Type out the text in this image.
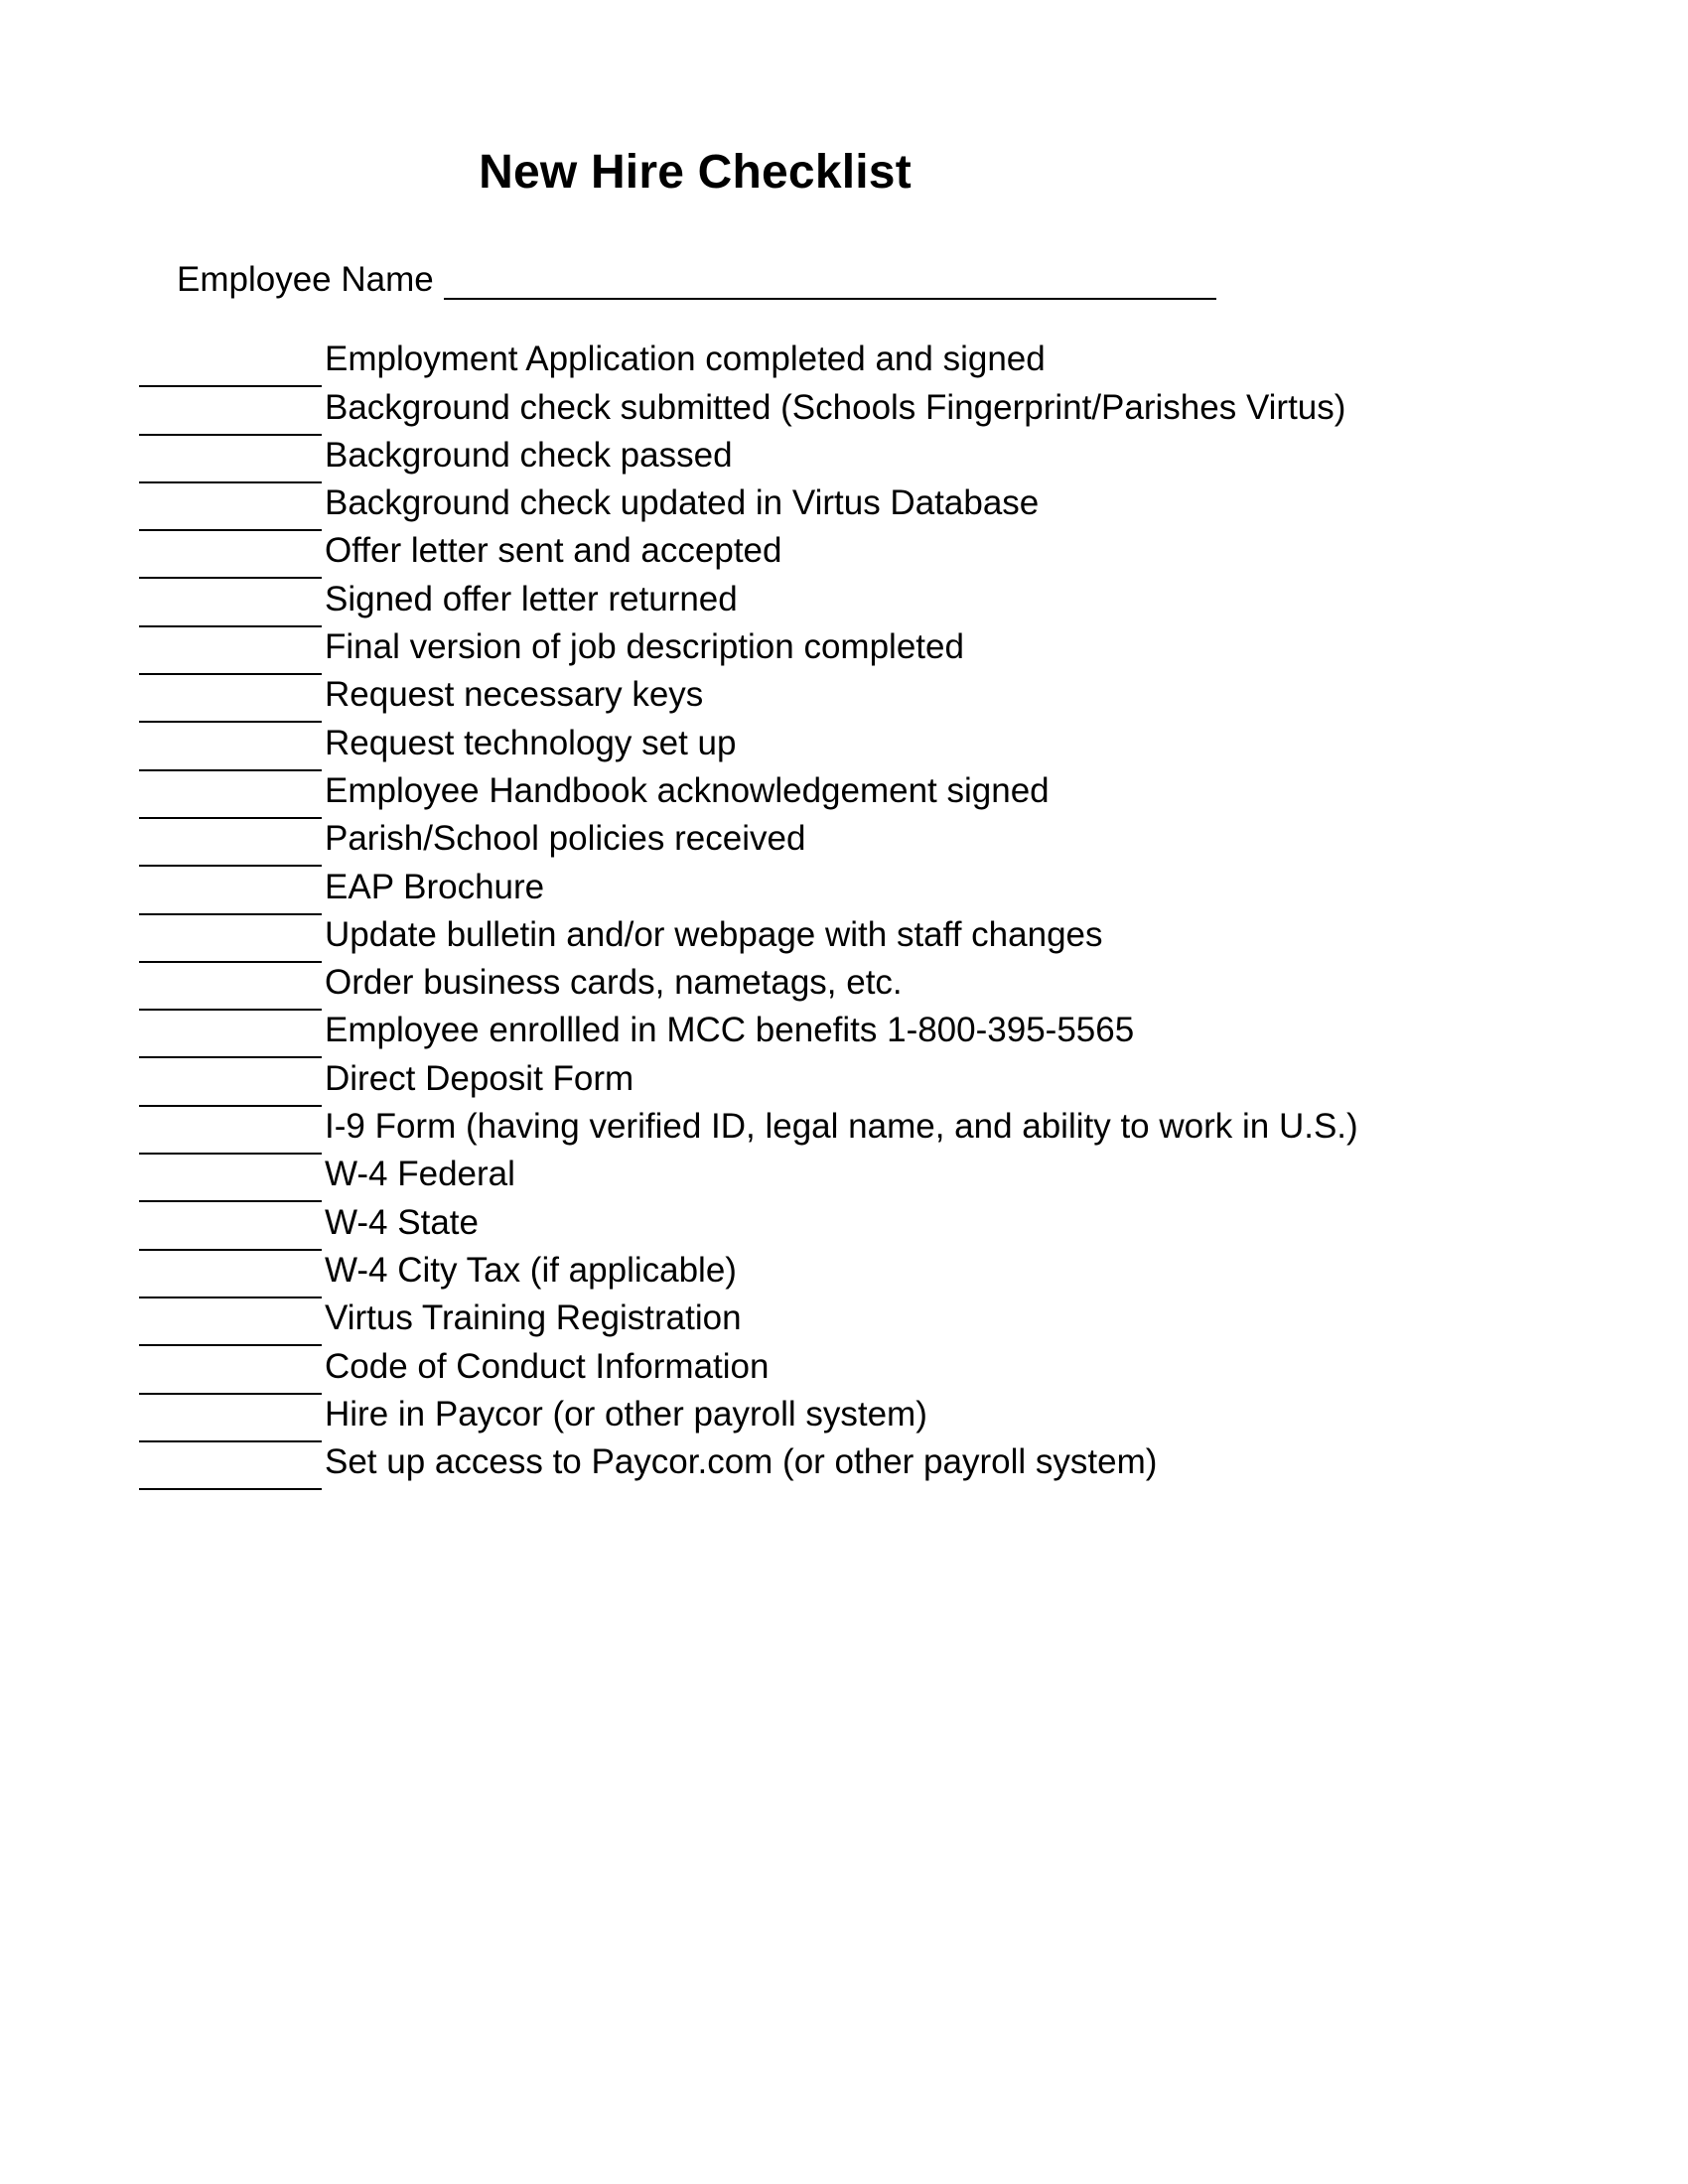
New Hire Checklist
Employee Name
Employment Application completed and signed
Background check submitted (Schools Fingerprint/Parishes Virtus)
Background check passed
Background check updated in Virtus Database
Offer letter sent and accepted
Signed offer letter returned
Final version of job description completed
Request necessary keys
Request technology set up
Employee Handbook acknowledgement signed
Parish/School policies received
EAP Brochure
Update bulletin and/or webpage with staff changes
Order business cards, nametags, etc.
Employee enrollled in MCC benefits 1-800-395-5565
Direct Deposit Form
I-9 Form (having verified ID, legal name, and ability to work in U.S.)
W-4 Federal
W-4 State
W-4 City Tax (if applicable)
Virtus Training Registration
Code of Conduct Information
Hire in Paycor (or other payroll system)
Set up access to Paycor.com (or other payroll system)
